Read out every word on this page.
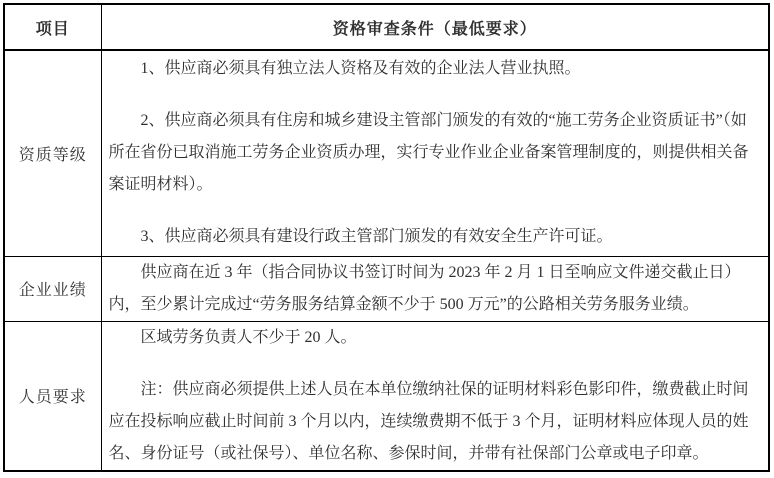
项目	资格审查条件（最低要求）
资质等级	1、供应商必须具有独立法人资格及有效的企业法人营业执照。

2、供应商必须具有住房和城乡建设主管部门颁发的有效的“施工劳务企业资质证书”（如所在省份已取消施工劳务企业资质办理，实行专业作业企业备案管理制度的，则提供相关备案证明材料）。

3、供应商必须具有建设行政主管部门颁发的有效安全生产许可证。

企业业绩	供应商在近 3 年（指合同协议书签订时间为 2023 年 2 月 1 日至响应文件递交截止日）内，至少累计完成过“劳务服务结算金额不少于 500 万元”的公路相关劳务服务业绩。

人员要求	区域劳务负责人不少于 20 人。

注：供应商必须提供上述人员在本单位缴纳社保的证明材料彩色影印件，缴费截止时间应在投标响应截止时间前 3 个月以内，连续缴费期不低于 3 个月，证明材料应体现人员的姓名、身份证号（或社保号）、单位名称、参保时间，并带有社保部门公章或电子印章。
